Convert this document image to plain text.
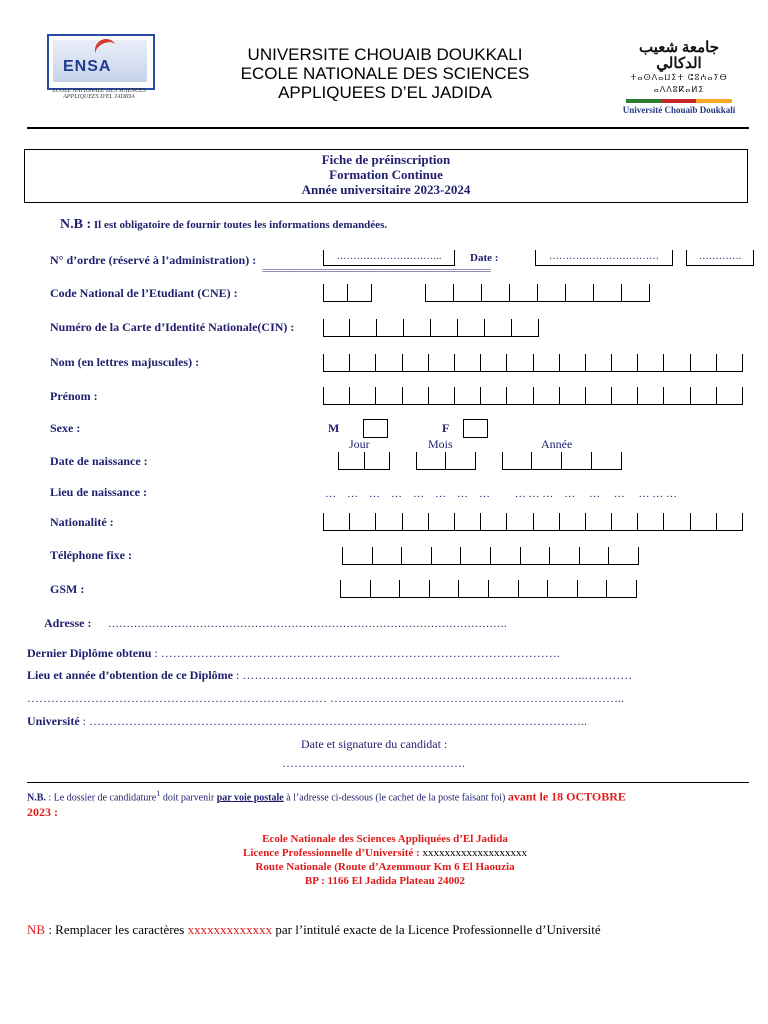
ENSA
ECOLE NATIONALE DES SCIENCES APPLIQUEES D'EL JADIDA
UNIVERSITE CHOUAIB DOUKKALI
ECOLE NATIONALE DES SCIENCES
APPLIQUEES D’EL JADIDA
جامعة شعيب الدكالي
ⵜⴰⵙⴷⴰⵡⵉⵜ ⵛⵓⵄⴰⵢⴱ ⴰⴷⴷⵓⴽⴰⵍⵉ
Université Chouaïb Doukkali
Fiche de préinscription
Formation Continue
Année universitaire 2023-2024
N.B : Il est obligatoire de fournir toutes les informations demandées.
N° d’ordre (réservé à l’administration) :	…………………………..	Date :	……………………………	………….
========================================================
Code National de l’Etudiant (CNE) :
Numéro de la Carte d’Identité Nationale(CIN) :
Nom (en lettres majuscules) :
Prénom :
Sexe :	M	F
Jour	Mois	Année
Date de naissance :
Lieu de naissance :	…    …    …    …    …    …    …    …         … … …    …     …     …     … … …
Nationalité :
Téléphone fixe :
GSM :
Adresse : ……………………………………………………………………………………………….
Dernier Diplôme obtenu : ……………………………………………………………………………………….
Lieu et année d’obtention de ce Diplôme : …………………………………………………………………………..…………
………………………………………………………………… ………………………………………………………………..
Université : ……………………………………………………………………………………………………………..
Date et signature du candidat :
……………………………………….
N.B. : Le dossier de candidature$^1$ doit parvenir par voie postale à l’adresse ci-dessous (le cachet de la poste faisant foi) avant le 18 OCTOBRE
2023 :
Ecole Nationale des Sciences Appliquées d’El Jadida
Licence Professionnelle d’Université : xxxxxxxxxxxxxxxxxxx
Route Nationale (Route d’Azemmour Km 6 El Haouzia
BP : 1166 El Jadida Plateau 24002
NB : Remplacer les caractères xxxxxxxxxxxxx par l’intitulé exacte de la Licence Professionnelle d’Université
